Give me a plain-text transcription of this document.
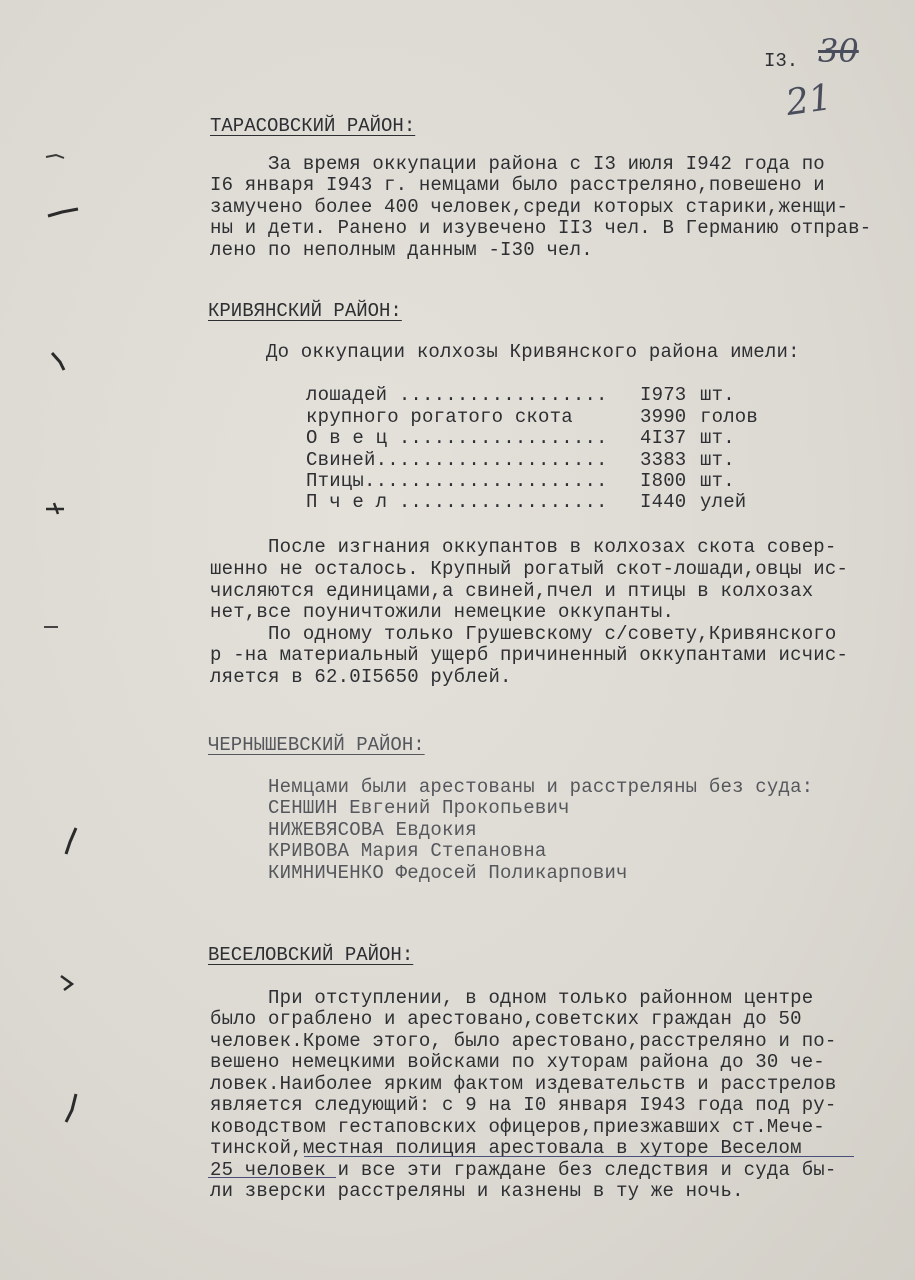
I3. 30
21
ТАРАСОВСКИЙ РАЙОН:
За время оккупации района с I3 июля I942 года по
I6 января I943 г. немцами было расстреляно,повешено и
замучено более 400 человек,среди которых старики,женщи-
ны и дети. Ранено и изувечено II3 чел. В Германию отправ-
лено по неполным данным -I30 чел.
КРИВЯНСКИЙ РАЙОН:
До оккупации колхозы Кривянского района имели:
лошадей .................. I973 шт.
крупного рогатого скота 3990 голов
О в е ц .................. 4I37 шт.
Свиней.................... 3383 шт.
Птицы..................... I800 шт.
П ч е л .................. I440 улей
После изгнания оккупантов в колхозах скота совер-
шенно не осталось. Крупный рогатый скот-лошади,овцы ис-
числяются единицами,а свиней,пчел и птицы в колхозах
нет,все поуничтожили немецкие оккупанты.
По одному только Грушевскому с/совету,Кривянского
р -на материальный ущерб причиненный оккупантами исчис-
ляется в 62.0I5650 рублей.
ЧЕРНЫШЕВСКИЙ РАЙОН:
Немцами были арестованы и расстреляны без суда:
СЕНШИН Евгений Прокопьевич
НИЖЕВЯСОВА Евдокия
КРИВОВА Мария Степановна
КИМНИЧЕНКО Федосей Поликарпович
ВЕСЕЛОВСКИЙ РАЙОН:
При отступлении, в одном только районном центре
было ограблено и арестовано,советских граждан до 50
человек.Кроме этого, было арестовано,расстреляно и по-
вешено немецкими войсками по хуторам района до 30 че-
ловек.Наиболее ярким фактом издевательств и расстрелов
является следующий: с 9 на I0 января I943 года под ру-
ководством гестаповских офицеров,приезжавших ст.Мече-
тинской,местная полиция арестовала в хуторе Веселом
25 человек и все эти граждане без следствия и суда бы-
ли зверски расстреляны и казнены в ту же ночь.
